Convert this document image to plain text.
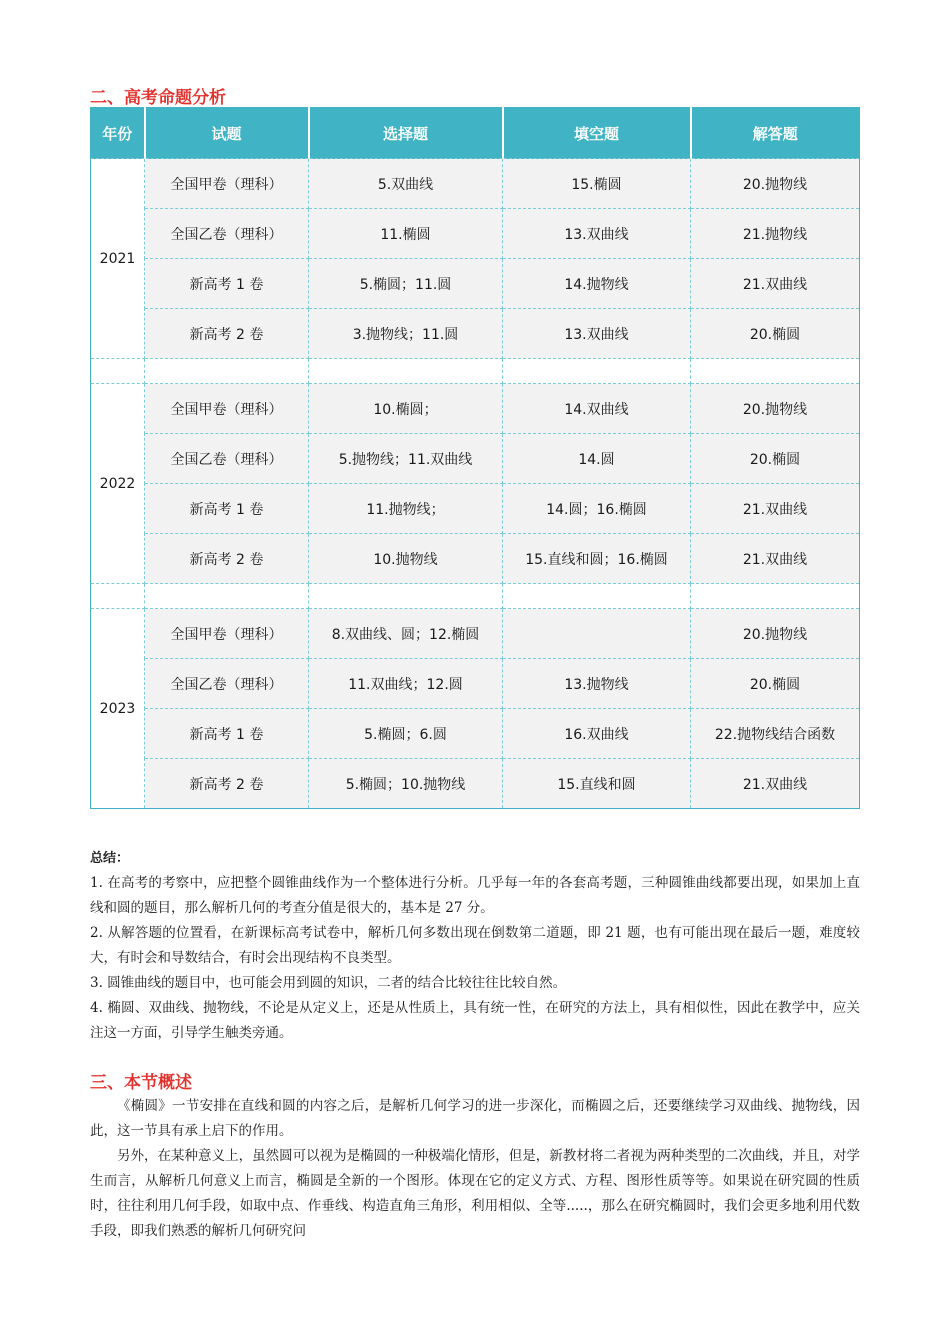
二、高考命题分析
年份	试题	选择题	填空题	解答题
2021	全国甲卷（理科）	5.双曲线	15.椭圆	20.抛物线
	全国乙卷（理科）	11.椭圆	13.双曲线	21.抛物线
	新高考 1 卷	5.椭圆；11.圆	14.抛物线	21.双曲线
	新高考 2 卷	3.抛物线；11.圆	13.双曲线	20.椭圆

2022	全国甲卷（理科）	10.椭圆；	14.双曲线	20.抛物线
	全国乙卷（理科）	5.抛物线；11.双曲线	14.圆	20.椭圆
	新高考 1 卷	11.抛物线；	14.圆；16.椭圆	21.双曲线
	新高考 2 卷	10.抛物线	15.直线和圆；16.椭圆	21.双曲线

2023	全国甲卷（理科）	8.双曲线、圆；12.椭圆		20.抛物线
	全国乙卷（理科）	11.双曲线；12.圆	13.抛物线	20.椭圆
	新高考 1 卷	5.椭圆；6.圆	16.双曲线	22.抛物线结合函数
	新高考 2 卷	5.椭圆；10.抛物线	15.直线和圆	21.双曲线

总结：

1. 在高考的考察中，应把整个圆锥曲线作为一个整体进行分析。几乎每一年的各套高考题，三种圆锥曲线都要出现，如果加上直线和圆的题目，那么解析几何的考查分值是很大的，基本是 27 分。

2. 从解答题的位置看，在新课标高考试卷中，解析几何多数出现在倒数第二道题，即 21 题，也有可能出现在最后一题，难度较大，有时会和导数结合，有时会出现结构不良类型。

3. 圆锥曲线的题目中，也可能会用到圆的知识，二者的结合比较往往比较自然。

4. 椭圆、双曲线、抛物线，不论是从定义上，还是从性质上，具有统一性，在研究的方法上，具有相似性，因此在教学中，应关注这一方面，引导学生触类旁通。

三、本节概述

《椭圆》一节安排在直线和圆的内容之后，是解析几何学习的进一步深化，而椭圆之后，还要继续学习双曲线、抛物线，因此，这一节具有承上启下的作用。

另外，在某种意义上，虽然圆可以视为是椭圆的一种极端化情形，但是，新教材将二者视为两种类型的二次曲线，并且，对学生而言，从解析几何意义上而言，椭圆是全新的一个图形。体现在它的定义方式、方程、图形性质等等。如果说在研究圆的性质时，往往利用几何手段，如取中点、作垂线、构造直角三角形，利用相似、全等.....，那么在研究椭圆时，我们会更多地利用代数手段，即我们熟悉的解析几何研究问
